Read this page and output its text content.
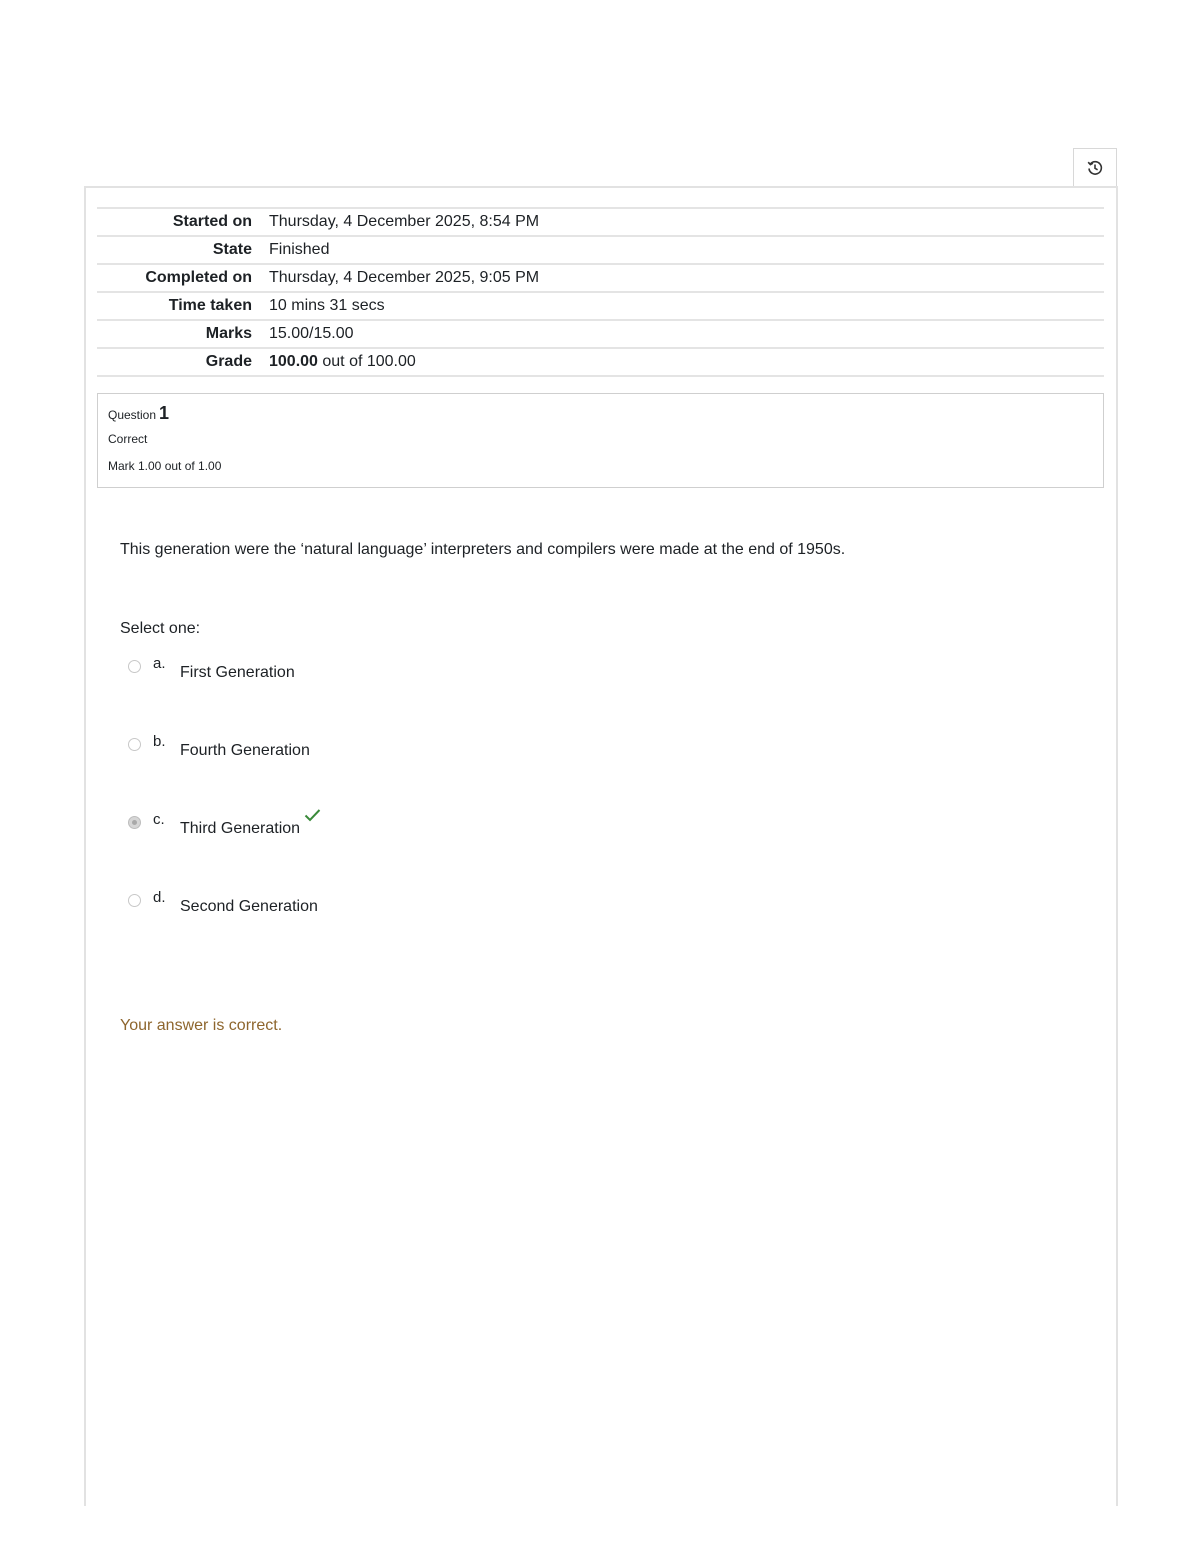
Started on	Thursday, 4 December 2025, 8:54 PM
State	Finished
Completed on	Thursday, 4 December 2025, 9:05 PM
Time taken	10 mins 31 secs
Marks	15.00/15.00
Grade	100.00 out of 100.00
Question 1
Correct
Mark 1.00 out of 1.00
This generation were the ‘natural language’ interpreters and compilers were made at the end of 1950s.
Select one:
a.
First Generation
b.
Fourth Generation
c.
Third Generation
d.
Second Generation
Your answer is correct.
